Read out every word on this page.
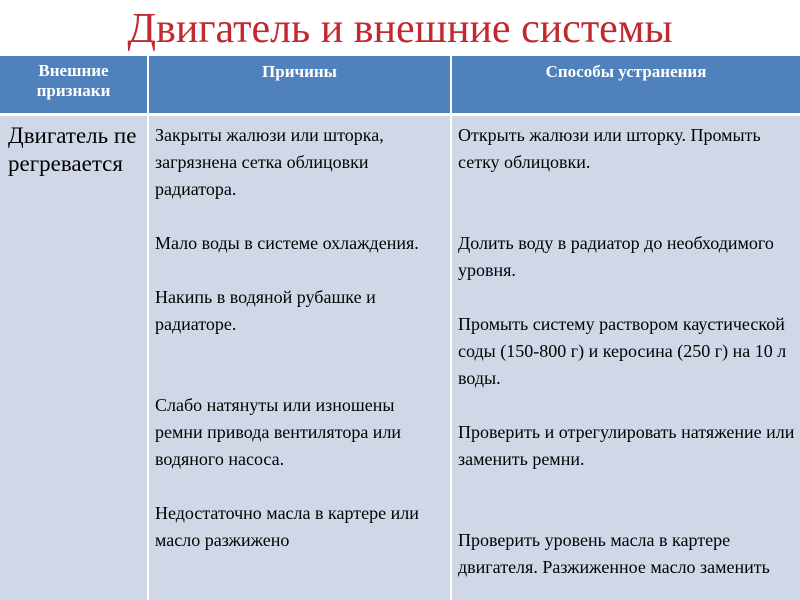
Двигатель и внешние системы
Внешние
признаки
Причины	Способы устранения
Двигатель перегревается

Закрыты жалюзи или шторка, загрязнена сетка облицовки радиатора.

Мало воды в системе охлаждения.

Накипь в водяной рубашке и радиаторе.

Слабо натянуты или изношены ремни привода вентилятора или водяного насоса.

Недостаточно масла в картере или масло разжижено

Открыть жалюзи или шторку. Промыть сетку облицовки.

Долить воду в радиатор до необходимого уровня.

Промыть систему раствором каустической соды (150-800 г) и керосина (250 г) на 10 л воды.

Проверить и отрегулировать натяжение или заменить ремни.

Проверить уровень масла в картере двигателя. Разжиженное масло заменить
